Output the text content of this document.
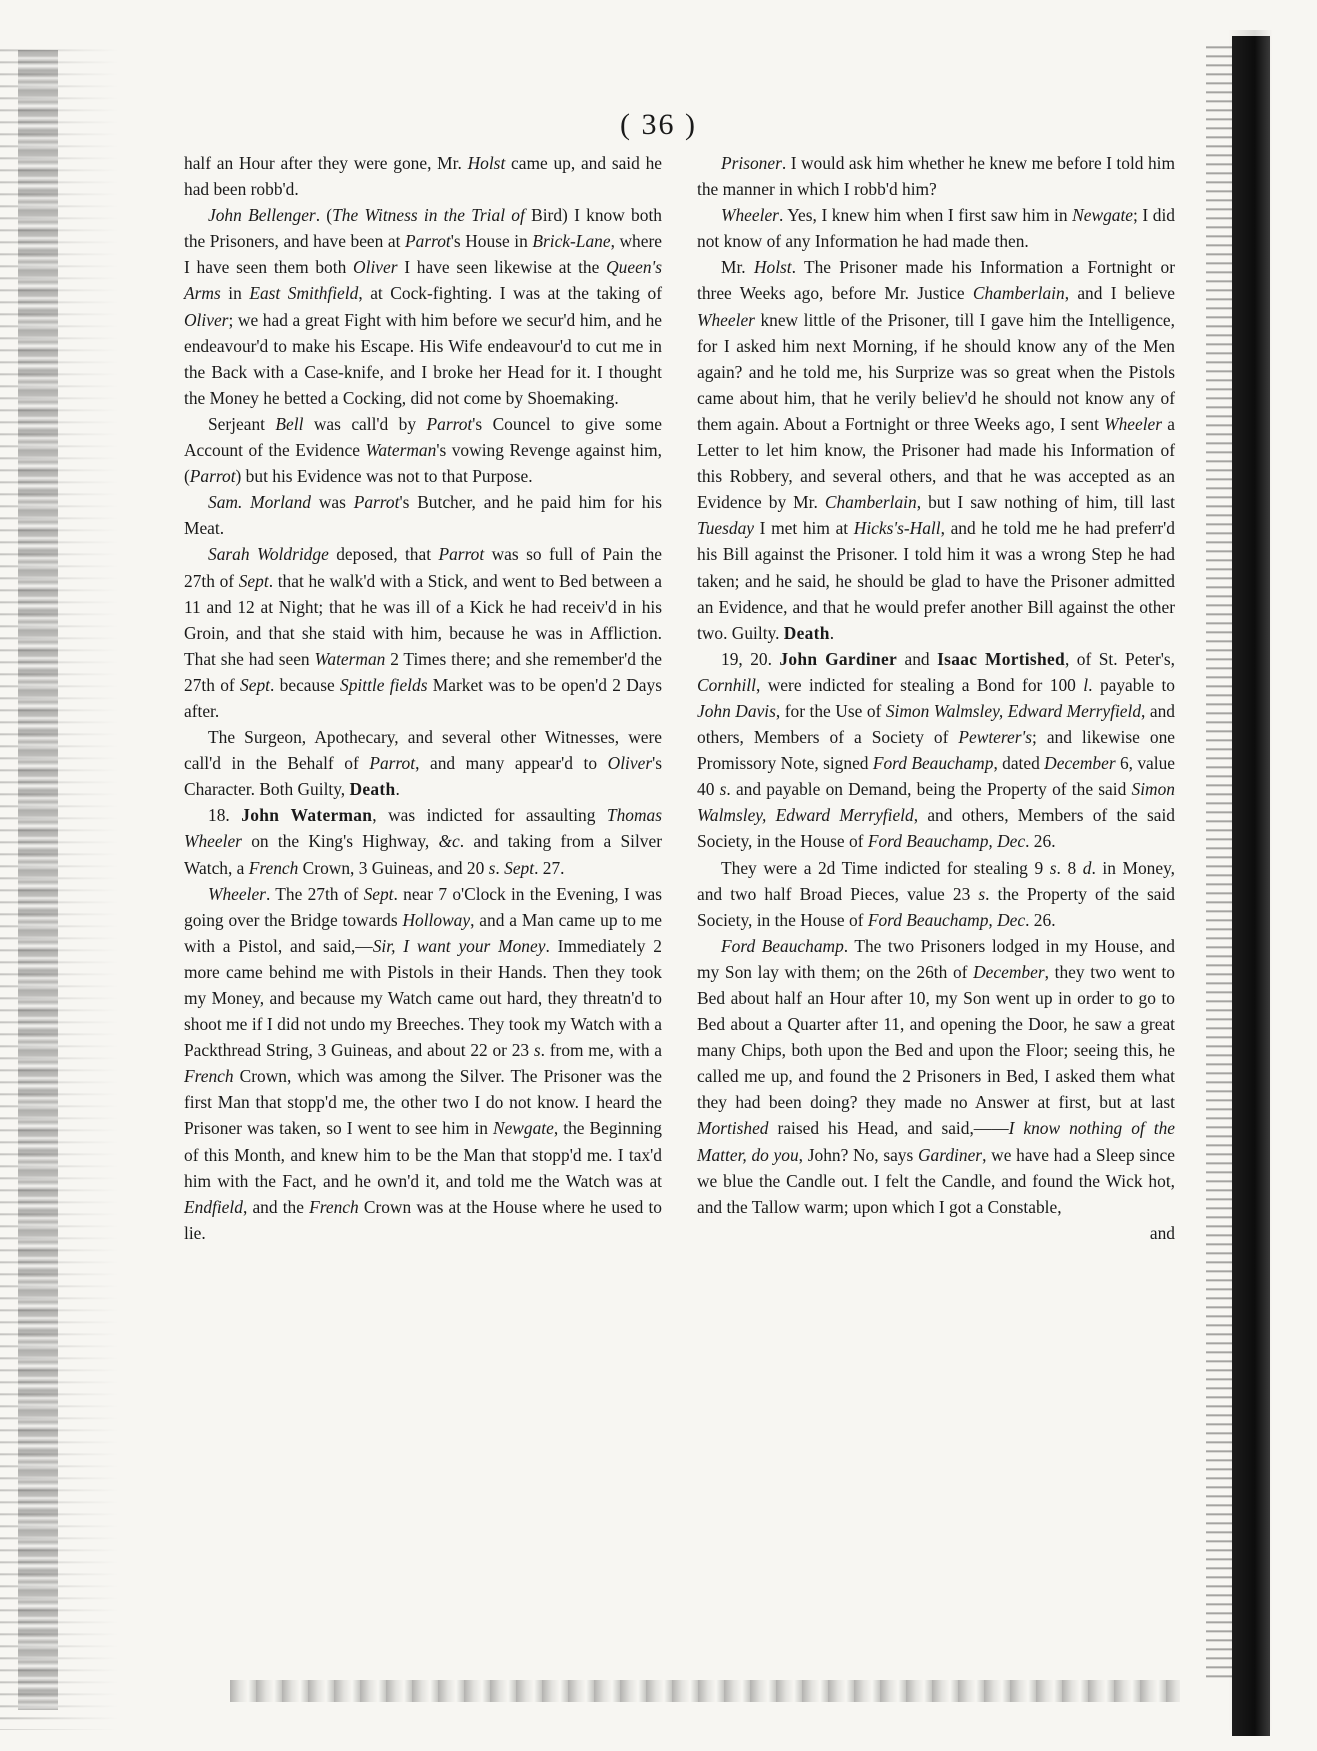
( 36 )

half an Hour after they were gone, Mr. Holst came up, and said he had been robb'd.

John Bellenger. (The Witness in the Trial of Bird) I know both the Prisoners, and have been at Parrot's House in Brick-Lane, where I have seen them both Oliver I have seen likewise at the Queen's Arms in East Smithfield, at Cock-fighting. I was at the taking of Oliver; we had a great Fight with him before we secur'd him, and he endeavour'd to make his Escape. His Wife endeavour'd to cut me in the Back with a Case-knife, and I broke her Head for it. I thought the Money he betted a Cocking, did not come by Shoemaking.

Serjeant Bell was call'd by Parrot's Councel to give some Account of the Evidence Waterman's vowing Revenge against him, (Parrot) but his Evidence was not to that Purpose.

Sam. Morland was Parrot's Butcher, and he paid him for his Meat.

Sarah Woldridge deposed, that Parrot was so full of Pain the 27th of Sept. that he walk'd with a Stick, and went to Bed between a 11 and 12 at Night; that he was ill of a Kick he had receiv'd in his Groin, and that she staid with him, because he was in Affliction. That she had seen Waterman 2 Times there; and she remember'd the 27th of Sept. because Spittle fields Market was to be open'd 2 Days after.

The Surgeon, Apothecary, and several other Witnesses, were call'd in the Behalf of Parrot, and many appear'd to Oliver's Character. Both Guilty, Death.

18. John Waterman, was indicted for assaulting Thomas Wheeler on the King's Highway, &c. and taking from a Silver Watch, a French Crown, 3 Guineas, and 20 s. Sept. 27.

Wheeler. The 27th of Sept. near 7 o'Clock in the Evening, I was going over the Bridge towards Holloway, and a Man came up to me with a Pistol, and said,—Sir, I want your Money. Immediately 2 more came behind me with Pistols in their Hands. Then they took my Money, and because my Watch came out hard, they threatn'd to shoot me if I did not undo my Breeches. They took my Watch with a Packthread String, 3 Guineas, and about 22 or 23 s. from me, with a French Crown, which was among the Silver. The Prisoner was the first Man that stopp'd me, the other two I do not know. I heard the Prisoner was taken, so I went to see him in Newgate, the Beginning of this Month, and knew him to be the Man that stopp'd me. I tax'd him with the Fact, and he own'd it, and told me the Watch was at Endfield, and the French Crown was at the House where he used to lie.

Prisoner. I would ask him whether he knew me before I told him the manner in which I robb'd him?

Wheeler. Yes, I knew him when I first saw him in Newgate; I did not know of any Information he had made then.

Mr. Holst. The Prisoner made his Information a Fortnight or three Weeks ago, before Mr. Justice Chamberlain, and I believe Wheeler knew little of the Prisoner, till I gave him the Intelligence, for I asked him next Morning, if he should know any of the Men again? and he told me, his Surprize was so great when the Pistols came about him, that he verily believ'd he should not know any of them again. About a Fortnight or three Weeks ago, I sent Wheeler a Letter to let him know, the Prisoner had made his Information of this Robbery, and several others, and that he was accepted as an Evidence by Mr. Chamberlain, but I saw nothing of him, till last Tuesday I met him at Hicks's-Hall, and he told me he had preferr'd his Bill against the Prisoner. I told him it was a wrong Step he had taken; and he said, he should be glad to have the Prisoner admitted an Evidence, and that he would prefer another Bill against the other two. Guilty. Death.

19, 20. John Gardiner and Isaac Mortished, of St. Peter's, Cornhill, were indicted for stealing a Bond for 100 l. payable to John Davis, for the Use of Simon Walmsley, Edward Merryfield, and others, Members of a Society of Pewterer's; and likewise one Promissory Note, signed Ford Beauchamp, dated December 6, value 40 s. and payable on Demand, being the Property of the said Simon Walmsley, Edward Merryfield, and others, Members of the said Society, in the House of Ford Beauchamp, Dec. 26.

They were a 2d Time indicted for stealing 9 s. 8 d. in Money, and two half Broad Pieces, value 23 s. the Property of the said Society, in the House of Ford Beauchamp, Dec. 26.

Ford Beauchamp. The two Prisoners lodged in my House, and my Son lay with them; on the 26th of December, they two went to Bed about half an Hour after 10, my Son went up in order to go to Bed about a Quarter after 11, and opening the Door, he saw a great many Chips, both upon the Bed and upon the Floor; seeing this, he called me up, and found the 2 Prisoners in Bed, I asked them what they had been doing? they made no Answer at first, but at last Mortished raised his Head, and said,——I know nothing of the Matter, do you, John? No, says Gardiner, we have had a Sleep since we blue the Candle out. I felt the Candle, and found the Wick hot, and the Tallow warm; upon which I got a Constable,

and
